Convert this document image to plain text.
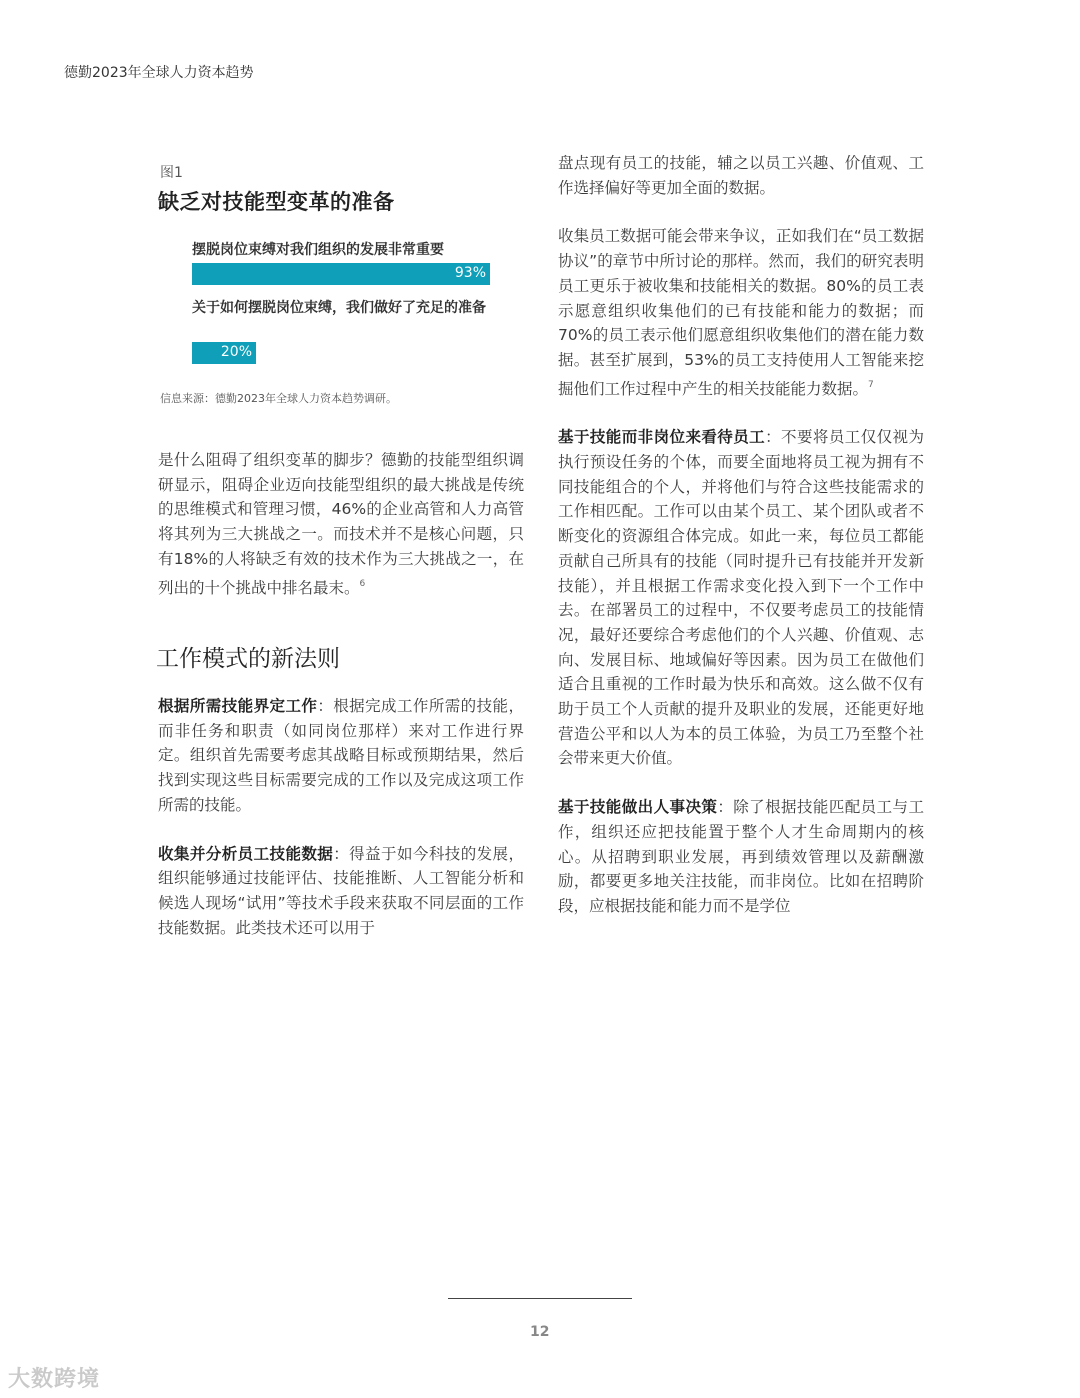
德勤2023年全球人力资本趋势
图1
缺乏对技能型变革的准备
摆脱岗位束缚对我们组织的发展非常重要
93%
关于如何摆脱岗位束缚，我们做好了充足的准备
20%
信息来源：德勤2023年全球人力资本趋势调研。
是什么阻碍了组织变革的脚步？德勤的技能型组织调研显示，阻碍企业迈向技能型组织的最大挑战是传统的思维模式和管理习惯，46%的企业高管和人力高管将其列为三大挑战之一。而技术并不是核心问题，只有18%的人将缺乏有效的技术作为三大挑战之一，在列出的十个挑战中排名最末。$^6$
工作模式的新法则

根据所需技能界定工作：根据完成工作所需的技能，而非任务和职责（如同岗位那样）来对工作进行界定。组织首先需要考虑其战略目标或预期结果，然后找到实现这些目标需要完成的工作以及完成这项工作所需的技能。

收集并分析员工技能数据：得益于如今科技的发展，组织能够通过技能评估、技能推断、人工智能分析和候选人现场“试用”等技术手段来获取不同层面的工作技能数据。此类技术还可以用于

盘点现有员工的技能，辅之以员工兴趣、价值观、工作选择偏好等更加全面的数据。

收集员工数据可能会带来争议，正如我们在“员工数据协议”的章节中所讨论的那样。然而，我们的研究表明员工更乐于被收集和技能相关的数据。80%的员工表示愿意组织收集他们的已有技能和能力的数据；而70%的员工表示他们愿意组织收集他们的潜在能力数据。甚至扩展到，53%的员工支持使用人工智能来挖掘他们工作过程中产生的相关技能能力数据。$^7$

基于技能而非岗位来看待员工：不要将员工仅仅视为执行预设任务的个体，而要全面地将员工视为拥有不同技能组合的个人，并将他们与符合这些技能需求的工作相匹配。工作可以由某个员工、某个团队或者不断变化的资源组合体完成。如此一来，每位员工都能贡献自己所具有的技能（同时提升已有技能并开发新技能），并且根据工作需求变化投入到下一个工作中去。在部署员工的过程中，不仅要考虑员工的技能情况，最好还要综合考虑他们的个人兴趣、价值观、志向、发展目标、地域偏好等因素。因为员工在做他们适合且重视的工作时最为快乐和高效。这么做不仅有助于员工个人贡献的提升及职业的发展，还能更好地营造公平和以人为本的员工体验，为员工乃至整个社会带来更大价值。

基于技能做出人事决策：除了根据技能匹配员工与工作，组织还应把技能置于整个人才生命周期内的核心。从招聘到职业发展，再到绩效管理以及薪酬激励，都要更多地关注技能，而非岗位。比如在招聘阶段，应根据技能和能力而不是学位

12
大数跨境
